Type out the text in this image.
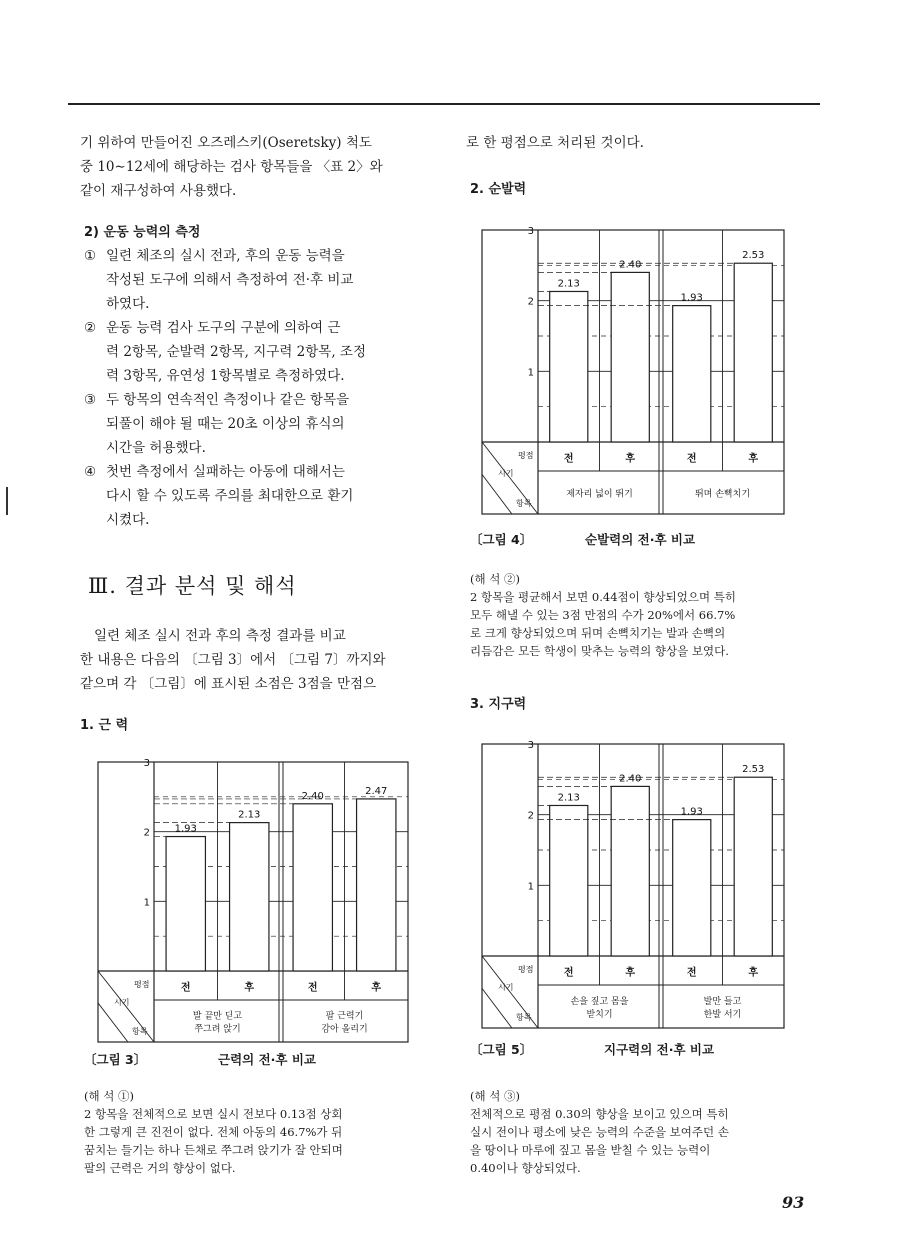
기 위하여 만들어진 오즈레스키(Oseretsky) 척도

중 10∼12세에 해당하는 검사 항목들을 〈표 2〉와

같이 재구성하여 사용했다.

2) 운동 능력의 측정
① 일련 체조의 실시 전과, 후의 운동 능력을

작성된 도구에 의해서 측정하여 전·후 비교

하였다.

② 운동 능력 검사 도구의 구분에 의하여 근

력 2항목, 순발력 2항목, 지구력 2항목, 조정

력 3항목, 유연성 1항목별로 측정하였다.

③ 두 항목의 연속적인 측정이나 같은 항목을

되풀이 해야 될 때는 20초 이상의 휴식의

시간을 허용했다.

④ 첫번 측정에서 실패하는 아동에 대해서는

다시 할 수 있도록 주의를 최대한으로 환기

시켰다.

Ⅲ. 결과 분석 및 해석

일련 체조 실시 전과 후의 측정 결과를 비교

한 내용은 다음의 〔그림 3〕에서 〔그림 7〕까지와

같으며 각 〔그림〕에 표시된 소점은 3점을 만점으

1. 근 력
1
2
3
평점
시기
항목
1.93
전
2.13
후
2.40
전
2.47
후
발 끝만 딛고
쭈그려 앉기
팔 근력기
감아 올리기
〔그림 3〕	근력의 전·후 비교

(해 석 ①)

2 항목을 전체적으로 보면 실시 전보다 0.13점 상회

한 그렇게 큰 진전이 없다. 전체 아동의 46.7%가 뒤

꿈치는 들기는 하나 든채로 쭈그려 앉기가 잘 안되며

팔의 근력은 거의 향상이 없다.

로 한 평점으로 처리된 것이다.
2. 순발력
1
2
3
평점
시기
항목
2.13
전
2.40
후
1.93
전
2.53
후
제자리 넓이 뛰기	뛰며 손뼉치기
〔그림 4〕	순발력의 전·후 비교

(해 석 ②)

2 항목을 평균해서 보면 0.44점이 향상되었으며 특히

모두 해낼 수 있는 3점 만점의 수가 20%에서 66.7%

로 크게 향상되었으며 뒤며 손뼉치기는 발과 손뼉의

리듬감은 모든 학생이 맞추는 능력의 향상을 보였다.

3. 지구력
1
2
3
평점
시기
항목
2.13
전
2.40
후
1.93
전
2.53
후
손을 짚고 몸을
받치기
발만 들고
한발 서기
〔그림 5〕	지구력의 전·후 비교

(해 석 ③)

전체적으로 평점 0.30의 향상을 보이고 있으며 특히

실시 전이나 평소에 낮은 능력의 수준을 보여주던 손

을 땅이나 마루에 짚고 몸을 받칠 수 있는 능력이

0.40이나 향상되었다.

93
